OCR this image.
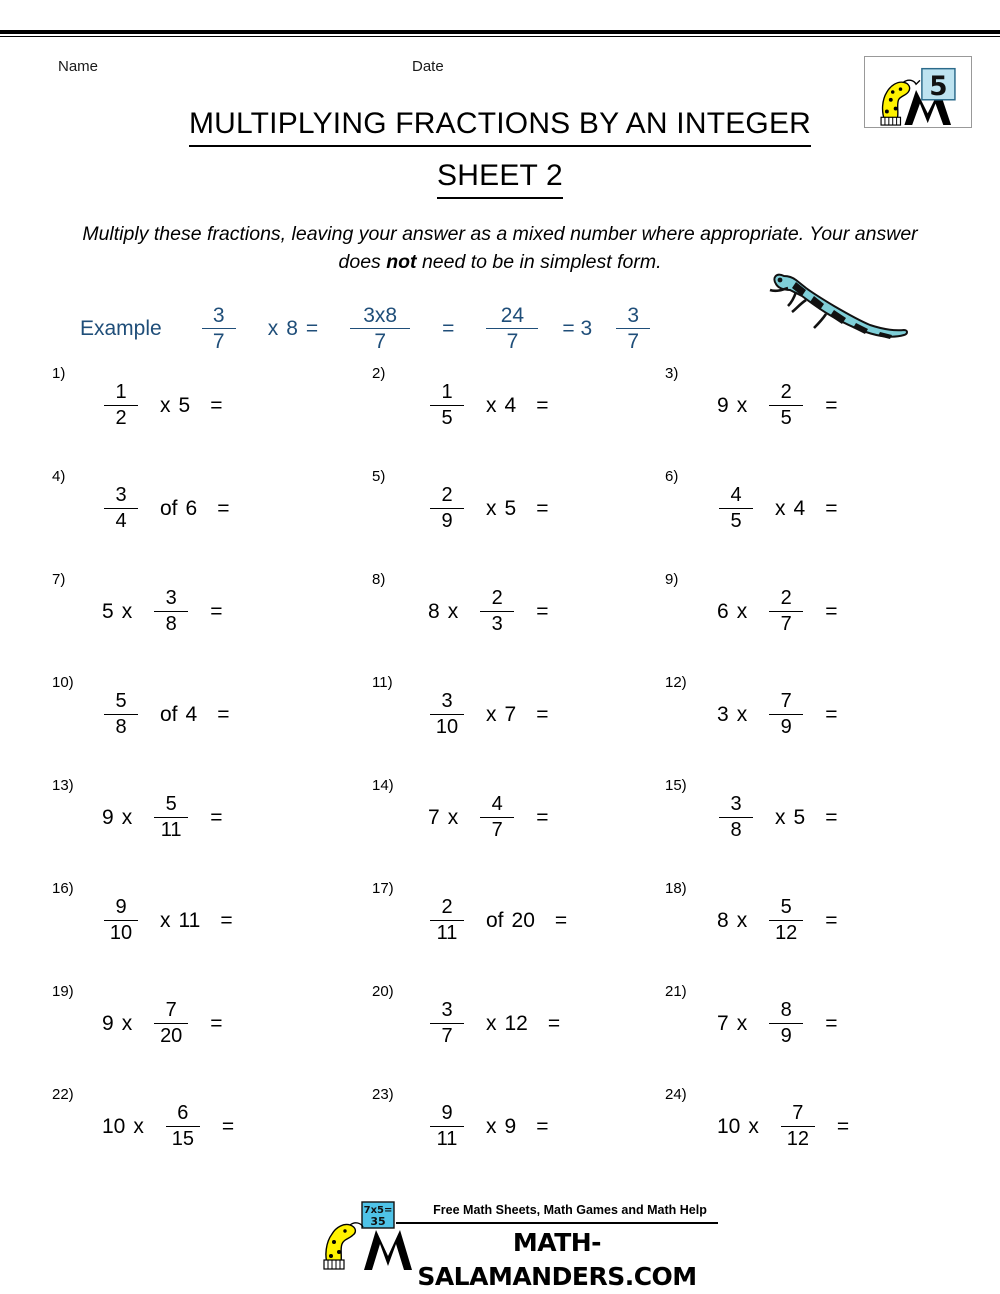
Name	Date
5
MULTIPLYING FRACTIONS BY AN INTEGER
SHEET 2
Multiply these fractions, leaving your answer as a mixed number where appropriate. Your answer does not need to be in simplest form.
Example	$\frac{3}{7}$ x $8 = \frac{3x8}{7} = \frac{24}{7} = 3 \frac{3}{7}$
1)
$\frac{1}{2}$ x 5 =
2)
$\frac{1}{5}$ x 4 =
3)
9 x $\frac{2}{5}$ =
4)
$\frac{3}{4}$ of 6 =
5)
$\frac{2}{9}$ x 5 =
6)
$\frac{4}{5}$ x 4 =
7)
5 x $\frac{3}{8}$ =
8)
8 x $\frac{2}{3}$ =
9)
6 x $\frac{2}{7}$ =
10)
$\frac{5}{8}$ of 4 =
11)
$\frac{3}{10}$ x 7 =
12)
3 x $\frac{7}{9}$ =
13)
9 x $\frac{5}{11}$ =
14)
7 x $\frac{4}{7}$ =
15)
$\frac{3}{8}$ x 5 =
16)
$\frac{9}{10}$ x 11 =
17)
$\frac{2}{11}$ of 20 =
18)
8 x $\frac{5}{12}$ =
19)
9 x $\frac{7}{20}$ =
20)
$\frac{3}{7}$ x 12 =
21)
7 x $\frac{8}{9}$ =
22)
10 x $\frac{6}{15}$ =
23)
$\frac{9}{11}$ x 9 =
24)
10 x $\frac{7}{12}$ =
7x5=
35
Free Math Sheets, Math Games and Math Help
MATH-SALAMANDERS.COM
